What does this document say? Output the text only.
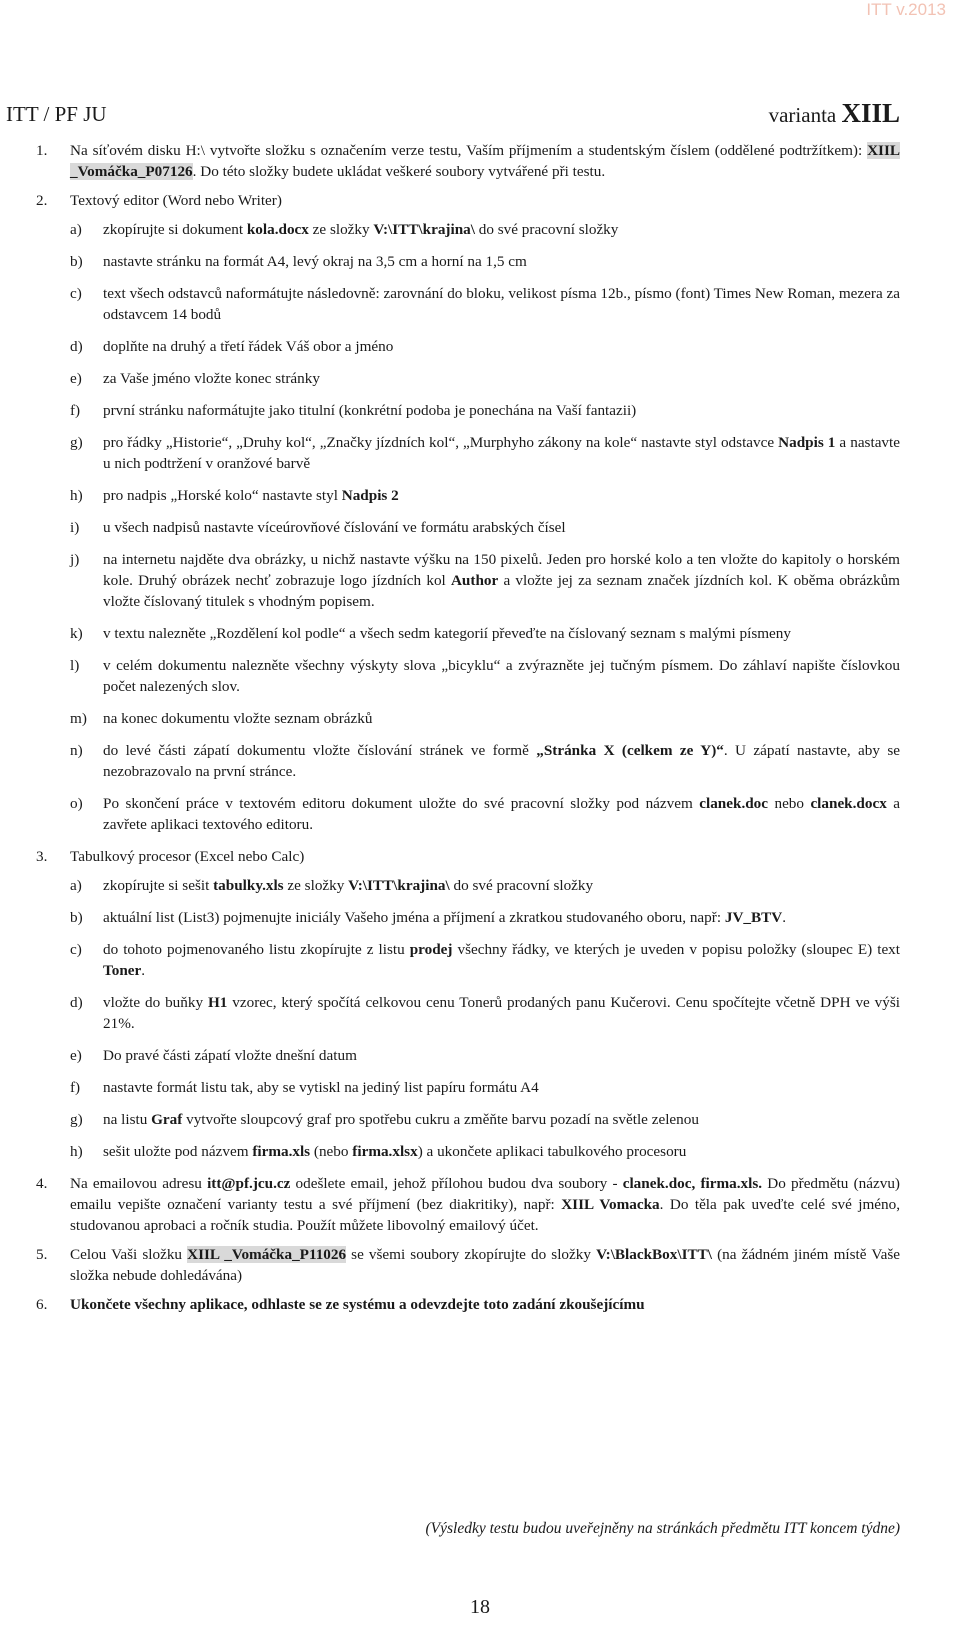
ITT v.2013
ITT / PF JU	varianta XIIL
1. Na síťovém disku H:\ vytvořte složku s označením verze testu, Vaším příjmením a studentským číslem (oddělené podtržítkem): XIIL _Vomáčka_P07126. Do této složky budete ukládat veškeré soubory vytvářené při testu.
2. Textový editor (Word nebo Writer)
a) zkopírujte si dokument kola.docx ze složky V:\ITT\krajina\ do své pracovní složky
b) nastavte stránku na formát A4, levý okraj na 3,5 cm a horní na 1,5 cm
c) text všech odstavců naformátujte následovně: zarovnání do bloku, velikost písma 12b., písmo (font) Times New Roman, mezera za odstavcem 14 bodů
d) doplňte na druhý a třetí řádek Váš obor a jméno
e) za Vaše jméno vložte konec stránky
f) první stránku naformátujte jako titulní (konkrétní podoba je ponechána na Vaší fantazii)
g) pro řádky „Historie“, „Druhy kol“, „Značky jízdních kol“, „Murphyho zákony na kole“ nastavte styl odstavce Nadpis 1 a nastavte u nich podtržení v oranžové barvě
h) pro nadpis „Horské kolo“ nastavte styl Nadpis 2
i) u všech nadpisů nastavte víceúrovňové číslování ve formátu arabských čísel
j) na internetu najděte dva obrázky, u nichž nastavte výšku na 150 pixelů. Jeden pro horské kolo a ten vložte do kapitoly o horském kole. Druhý obrázek nechť zobrazuje logo jízdních kol Author a vložte jej za seznam značek jízdních kol. K oběma obrázkům vložte číslovaný titulek s vhodným popisem.
k) v textu nalezněte „Rozdělení kol podle“ a všech sedm kategorií převeďte na číslovaný seznam s malými písmeny
l) v celém dokumentu nalezněte všechny výskyty slova „bicyklu“ a zvýrazněte jej tučným písmem. Do záhlaví napište číslovkou počet nalezených slov.
m) na konec dokumentu vložte seznam obrázků
n) do levé části zápatí dokumentu vložte číslování stránek ve formě „Stránka X (celkem ze Y)“. U zápatí nastavte, aby se nezobrazovalo na první stránce.
o) Po skončení práce v textovém editoru dokument uložte do své pracovní složky pod názvem clanek.doc nebo clanek.docx a zavřete aplikaci textového editoru.
3. Tabulkový procesor (Excel nebo Calc)
a) zkopírujte si sešit tabulky.xls ze složky V:\ITT\krajina\ do své pracovní složky
b) aktuální list (List3) pojmenujte iniciály Vašeho jména a příjmení a zkratkou studovaného oboru, např: JV_BTV.
c) do tohoto pojmenovaného listu zkopírujte z listu prodej všechny řádky, ve kterých je uveden v popisu položky (sloupec E) text Toner.
d) vložte do buňky H1 vzorec, který spočítá celkovou cenu Tonerů prodaných panu Kučerovi. Cenu spočítejte včetně DPH ve výši 21%.
e) Do pravé části zápatí vložte dnešní datum
f) nastavte formát listu tak, aby se vytiskl na jediný list papíru formátu A4
g) na listu Graf vytvořte sloupcový graf pro spotřebu cukru a změňte barvu pozadí na světle zelenou
h) sešit uložte pod názvem firma.xls (nebo firma.xlsx) a ukončete aplikaci tabulkového procesoru
4. Na emailovou adresu itt@pf.jcu.cz odešlete email, jehož přílohou budou dva soubory - clanek.doc, firma.xls. Do předmětu (názvu) emailu vepište označení varianty testu a své příjmení (bez diakritiky), např: XIIL Vomacka. Do těla pak uveďte celé své jméno, studovanou aprobaci a ročník studia. Použít můžete libovolný emailový účet.
5. Celou Vaši složku XIIL _Vomáčka_P11026 se všemi soubory zkopírujte do složky V:\BlackBox\ITT\ (na žádném jiném místě Vaše složka nebude dohledávána)
6. Ukončete všechny aplikace, odhlaste se ze systému a odevzdejte toto zadání zkoušejícímu
(Výsledky testu budou uveřejněny na stránkách předmětu ITT koncem týdne)
18
